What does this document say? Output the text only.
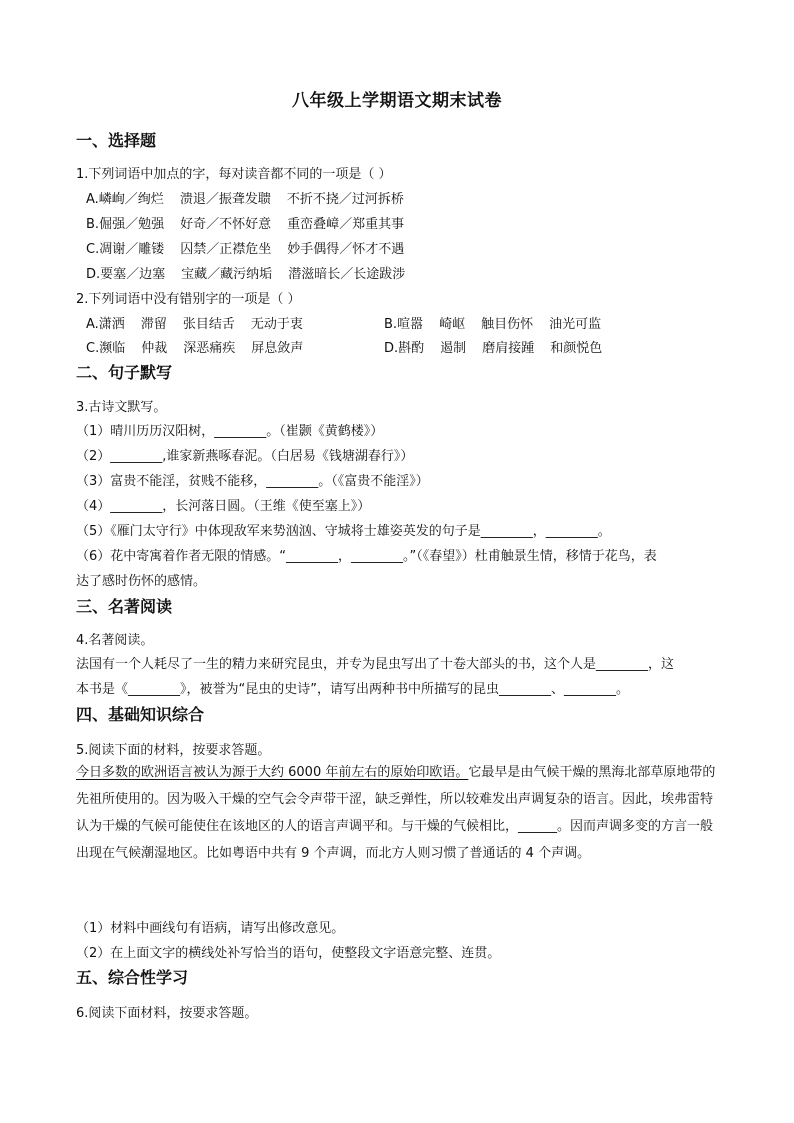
八年级上学期语文期末试卷
一、选择题
1.下列词语中加点的字，每对读音都不同的一项是（ ）
A.嶙峋／绚烂 溃退／振聋发聩 不折不挠／过河拆桥
B.倔强／勉强 好奇／不怀好意 重峦叠嶂／郑重其事
C.凋谢／雕镂 囚禁／正襟危坐 妙手偶得／怀才不遇
D.要塞／边塞 宝藏／藏污纳垢 潜滋暗长／长途跋涉
2.下列词语中没有错别字的一项是（ ）
A.潇洒 滞留 张目结舌 无动于衷	B.喧嚣 崎岖 触目伤怀 油光可监
C.濒临 仲裁 深恶痛疾 屏息敛声	D.斟酌 遏制 磨肩接踵 和颜悦色
二、句子默写
3.古诗文默写。
（1）晴川历历汉阳树，________。（崔颢《黄鹤楼》）
（2）________,谁家新燕啄春泥。（白居易《钱塘湖春行》）
（3）富贵不能淫，贫贱不能移，________。（《富贵不能淫》）
（4）________，长河落日圆。（王维《使至塞上》）
（5）《雁门太守行》中体现敌军来势汹汹、守城将士雄姿英发的句子是________，________。
（6）花中寄寓着作者无限的情感。“________，________。”（《春望》）杜甫触景生情，移情于花鸟，表
达了感时伤怀的感情。
三、名著阅读
4.名著阅读。
法国有一个人耗尽了一生的精力来研究昆虫，并专为昆虫写出了十卷大部头的书，这个人是________，这
本书是《________》，被誉为“昆虫的史诗”，请写出两种书中所描写的昆虫________、________。
四、基础知识综合
5.阅读下面的材料，按要求答题。
今日多数的欧洲语言被认为源于大约 6000 年前左右的原始印欧语。它最早是由气候干燥的黑海北部草原地带的先祖所使用的。因为吸入干燥的空气会令声带干涩，缺乏弹性，所以较难发出声调复杂的语言。因此，埃弗雷特认为干燥的气候可能使住在该地区的人的语言声调平和。与干燥的气候相比，______。因而声调多变的方言一般出现在气候潮湿地区。比如粤语中共有 9 个声调，而北方人则习惯了普通话的 4 个声调。
（1）材料中画线句有语病，请写出修改意见。
（2）在上面文字的横线处补写恰当的语句，使整段文字语意完整、连贯。
五、综合性学习
6.阅读下面材料，按要求答题。
